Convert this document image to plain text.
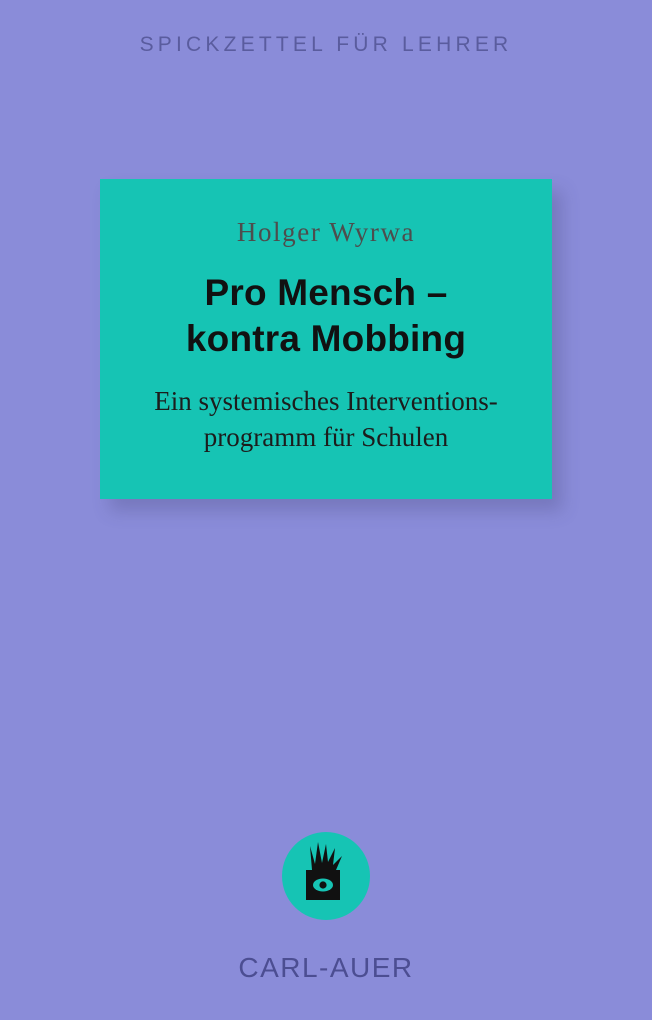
SPICKZETTEL FÜR LEHRER
Holger Wyrwa
Pro Mensch –
kontra Mobbing
Ein systemisches Interventions-
programm für Schulen
CARL-AUER
